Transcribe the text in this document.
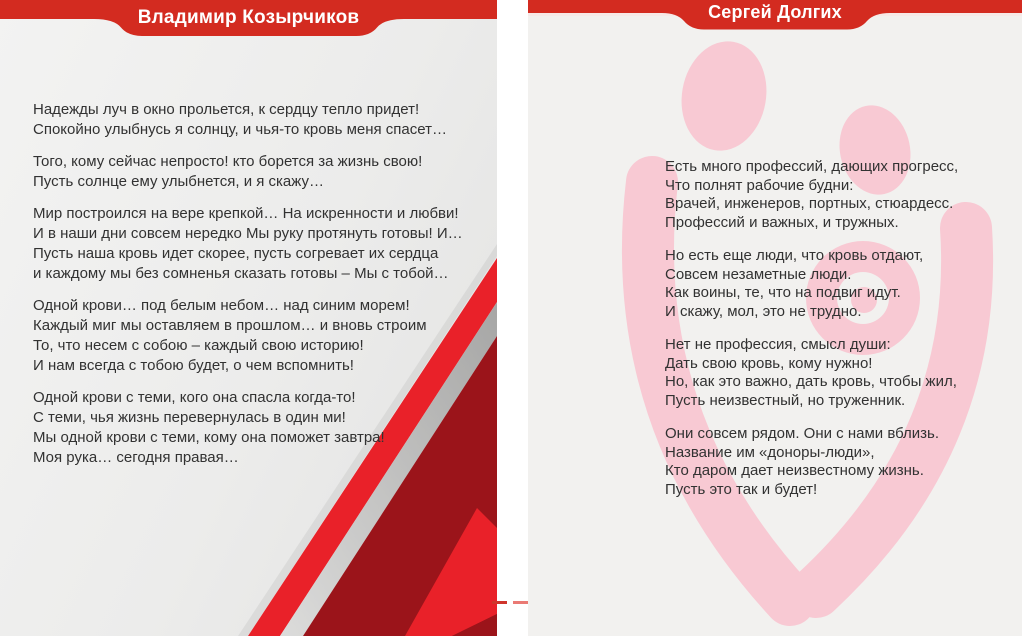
Владимир Козырчиков
Надежды луч в окно прольется, к сердцу тепло придет!
Спокойно улыбнусь я солнцу, и чья-то кровь меня спасет…
Того, кому сейчас непросто! кто борется за жизнь свою!
Пусть солнце ему улыбнется, и я скажу…
Мир построился на вере крепкой… На искренности и любви!
И в наши дни совсем нередко Мы руку протянуть готовы! И…
Пусть наша кровь идет скорее, пусть согревает их сердца
и каждому мы без сомненья сказать готовы – Мы с тобой…
Одной крови… под белым небом… над синим морем!
Каждый миг мы оставляем в прошлом… и вновь строим
То, что несем с собою – каждый свою историю!
И нам всегда с тобою будет, о чем вспомнить!
Одной крови с теми, кого она спасла когда-то!
С теми, чья жизнь перевернулась в один ми!
Мы одной крови с теми, кому она поможет завтра!
Моя рука… сегодня правая…
Сергей Долгих
Есть много профессий, дающих прогресс,
Что полнят рабочие будни:
Врачей, инженеров, портных, стюардесс.
Профессий и важных, и тружных.
Но есть еще люди, что кровь отдают,
Совсем незаметные люди.
Как воины, те, что на подвиг идут.
И скажу, мол, это не трудно.
Нет не профессия, смысл души:
Дать свою кровь, кому нужно!
Но, как это важно, дать кровь, чтобы жил,
Пусть неизвестный, но труженник.
Они совсем рядом. Они с нами вблизь.
Название им «доноры-люди»,
Кто даром дает неизвестному жизнь.
Пусть это так и будет!
